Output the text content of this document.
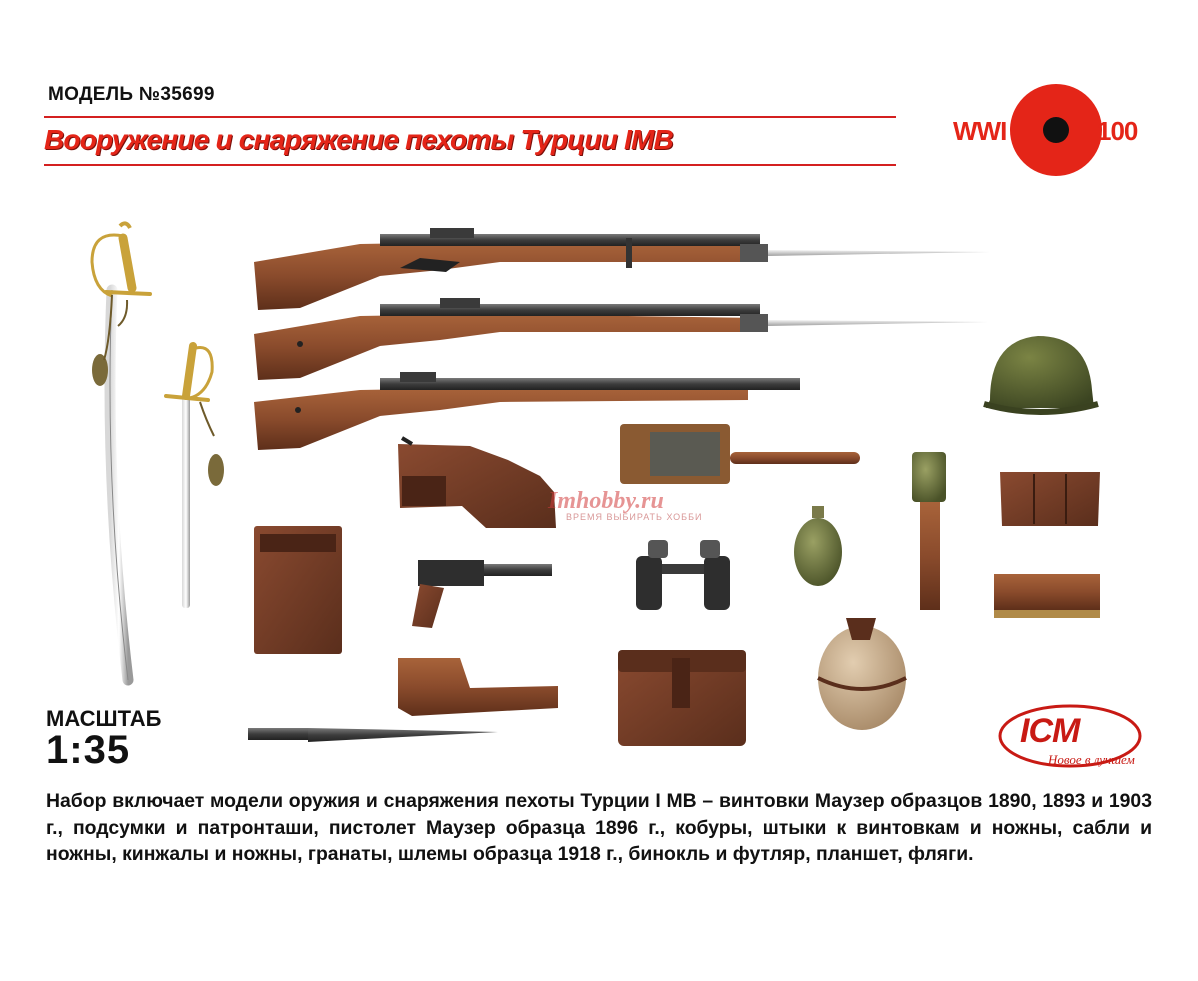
МОДЕЛЬ №35699
Вооружение и снаряжение пехоты Турции IМВ	WWI	100
Imhobby.ru
ВРЕМЯ ВЫБИРАТЬ ХОББИ
МАСШТАБ
1:35	ICM
Новое в лучшем
Набор включает модели оружия и снаряжения пехоты Турции I МВ – винтовки Маузер образцов 1890, 1893 и 1903 г., подсумки и патронташи, пистолет Маузер образца 1896 г., кобуры, штыки к винтовкам и ножны, сабли и ножны, кинжалы и ножны, гранаты, шлемы образца 1918 г., бинокль и футляр, планшет, фляги.
